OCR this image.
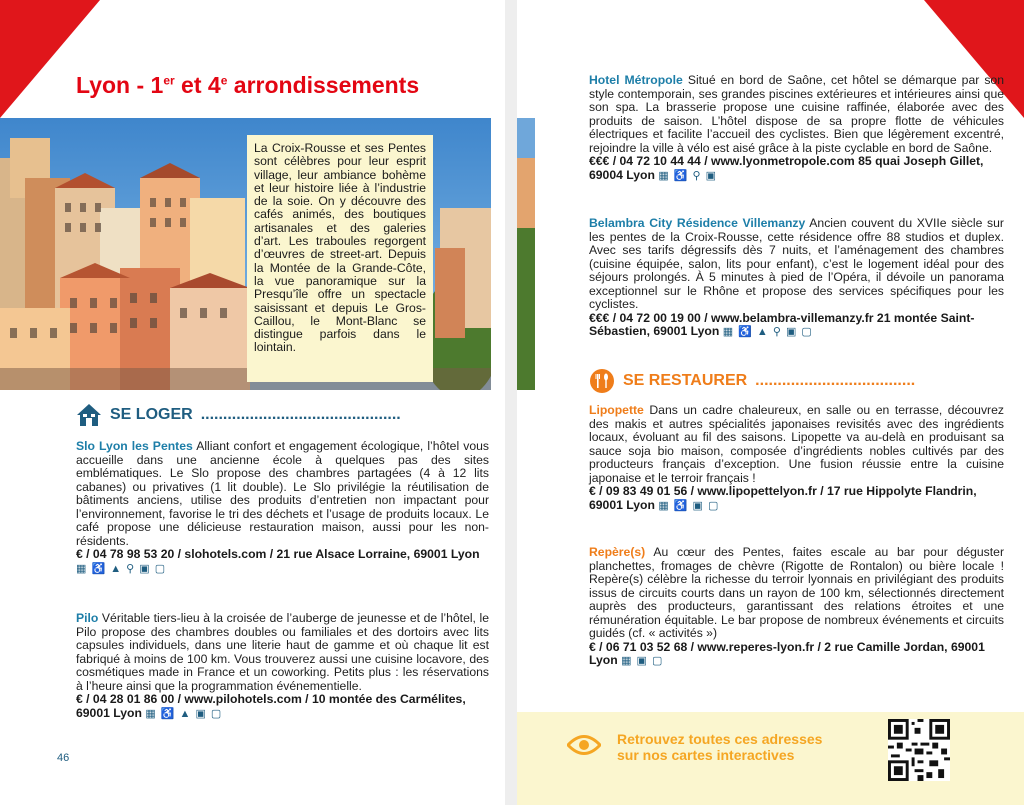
Lyon - 1er et 4e arrondissements
La Croix-Rousse et ses Pentes sont célèbres pour leur esprit village, leur ambiance bohème et leur histoire liée à l’industrie de la soie. On y découvre des cafés animés, des boutiques artisanales et des galeries d’art. Les traboules regorgent d’œuvres de street-art. Depuis la Montée de la Grande-Côte, la vue panoramique sur la Presqu’île offre un spectacle saisissant et depuis Le Gros-Caillou, le Mont-Blanc se distingue parfois dans le lointain.
SE LOGER .............................................
Slo Lyon les Pentes Alliant confort et engagement écologique, l’hôtel vous accueille dans une ancienne école à quelques pas des sites emblématiques. Le Slo propose des chambres partagées (4 à 12 lits cabanes) ou privatives (1 lit double). Le Slo privilégie la réutilisation de bâtiments anciens, utilise des produits d’entretien non impactant pour l’environnement, favorise le tri des déchets et l’usage de produits locaux. Le café propose une délicieuse restauration maison, aussi pour les non-résidents.
€ / 04 78 98 53 20 / slohotels.com / 21 rue Alsace Lorraine, 69001 Lyon ▦ ♿ ▲ ⚲ ▣ ▢
Pilo Véritable tiers-lieu à la croisée de l’auberge de jeunesse et de l’hôtel, le Pilo propose des chambres doubles ou familiales et des dortoirs avec lits capsules individuels, dans une literie haut de gamme et où chaque lit est fabriqué à moins de 100 km. Vous trouverez aussi une cuisine locavore, des cosmétiques made in France et un coworking. Petits plus : les réservations à l’heure ainsi que la programmation événementielle.
€ / 04 28 01 86 00 / www.pilohotels.com / 10 montée des Carmélites, 69001 Lyon ▦ ♿ ▲ ▣ ▢
46
Hotel Métropole Situé en bord de Saône, cet hôtel se démarque par son style contemporain, ses grandes piscines extérieures et intérieures ainsi que son spa. La brasserie propose une cuisine raffinée, élaborée avec des produits de saison. L’hôtel dispose de sa propre flotte de véhicules électriques et facilite l’accueil des cyclistes. Bien que légèrement excentré, rejoindre la ville à vélo est aisé grâce à la piste cyclable en bord de Saône.
€€€ / 04 72 10 44 44 / www.lyonmetropole.com 85 quai Joseph Gillet, 69004 Lyon ▦ ♿ ⚲ ▣
Belambra City Résidence Villemanzy Ancien couvent du XVIIe siècle sur les pentes de la Croix-Rousse, cette résidence offre 88 studios et duplex. Avec ses tarifs dégressifs dès 7 nuits, et l’aménagement des chambres (cuisine équipée, salon, lits pour enfant), c’est le logement idéal pour des séjours prolongés. À 5 minutes à pied de l’Opéra, il dévoile un panorama exceptionnel sur le Rhône et propose des services spécifiques pour les cyclistes.
€€€ / 04 72 00 19 00 / www.belambra-villemanzy.fr 21 montée Saint-Sébastien, 69001 Lyon ▦ ♿ ▲ ⚲ ▣ ▢
SE RESTAURER ....................................
Lipopette Dans un cadre chaleureux, en salle ou en terrasse, découvrez des makis et autres spécialités japonaises revisités avec des ingrédients locaux, évoluant au fil des saisons. Lipopette va au-delà en produisant sa sauce soja bio maison, composée d’ingrédients nobles cultivés par des producteurs français d’exception. Une fusion réussie entre la cuisine japonaise et le terroir français !
€ / 09 83 49 01 56 / www.lipopettelyon.fr / 17 rue Hippolyte Flandrin, 69001 Lyon ▦ ♿ ▣ ▢
Repère(s) Au cœur des Pentes, faites escale au bar pour déguster planchettes, fromages de chèvre (Rigotte de Rontalon) ou bière locale ! Repère(s) célèbre la richesse du terroir lyonnais en privilégiant des produits issus de circuits courts dans un rayon de 100 km, sélectionnés directement auprès des producteurs, garantissant des relations étroites et une rémunération équitable. Le bar propose de nombreux événements et circuits guidés (cf. « activités »)
€ / 06 71 03 52 68 / www.reperes-lyon.fr / 2 rue Camille Jordan, 69001 Lyon ▦ ▣ ▢
Retrouvez toutes ces adresses sur nos cartes interactives
